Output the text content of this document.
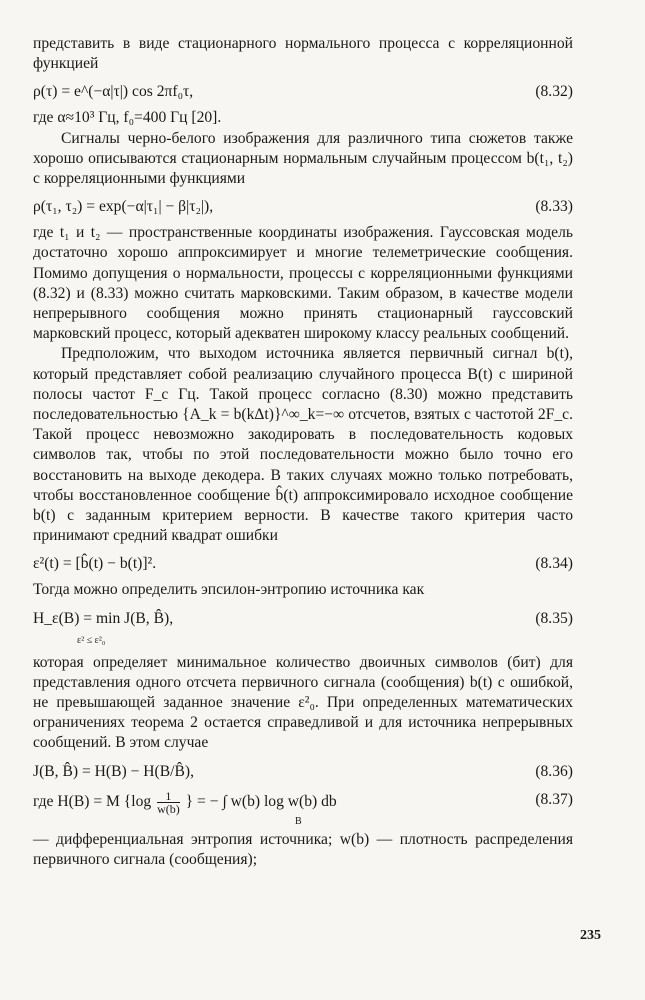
представить в виде стационарного нормального процесса с корреляционной функцией

ρ(τ) = e^(−α|τ|) cos 2πf₀τ,	(8.32)

где α≈10³ Гц, f₀=400 Гц [20].

Сигналы черно-белого изображения для различного типа сюжетов также хорошо описываются стационарным нормальным случайным процессом b(t₁, t₂) с корреляционными функциями

ρ(τ₁, τ₂) = exp(−α|τ₁| − β|τ₂|),	(8.33)

где t₁ и t₂ — пространственные координаты изображения. Гауссовская модель достаточно хорошо аппроксимирует и многие телеметрические сообщения. Помимо допущения о нормальности, процессы с корреляционными функциями (8.32) и (8.33) можно считать марковскими. Таким образом, в качестве модели непрерывного сообщения можно принять стационарный гауссовский марковский процесс, который адекватен широкому классу реальных сообщений.

Предположим, что выходом источника является первичный сигнал b(t), который представляет собой реализацию случайного процесса B(t) с шириной полосы частот F_c Гц. Такой процесс согласно (8.30) можно представить последовательностью {A_k = b(kΔt)}^∞_k=−∞ отсчетов, взятых с частотой 2F_c. Такой процесс невозможно закодировать в последовательность кодовых символов так, чтобы по этой последовательности можно было точно его восстановить на выходе декодера. В таких случаях можно только потребовать, чтобы восстановленное сообщение b̂(t) аппроксимировало исходное сообщение b(t) с заданным критерием верности. В качестве такого критерия часто принимают средний квадрат ошибки

ε²(t) = [b̂(t) − b(t)]².	(8.34)

Тогда можно определить эпсилон-энтропию источника как

H_ε(B) = min J(B, B̂),
ε² ≤ ε²₀
(8.35)

которая определяет минимальное количество двоичных символов (бит) для представления одного отсчета первичного сигнала (сообщения) b(t) с ошибкой, не превышающей заданное значение ε²₀. При определенных математических ограничениях теорема 2 остается справедливой и для источника непрерывных сообщений. В этом случае

J(B, B̂) = H(B) − H(B/B̂),	(8.36)
где H(B) = M {$\log \frac{1}{w(b)}$ } = − ∫ w(b) log w(b) db
B
(8.37)

— дифференциальная энтропия источника; w(b) — плотность распределения первичного сигнала (сообщения);

235
